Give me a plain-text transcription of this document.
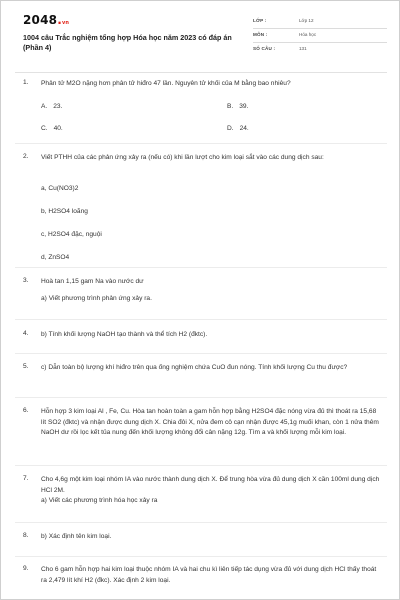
2048.vn
1004 câu Trắc nghiệm tổng hợp Hóa học năm 2023 có đáp án (Phần 4)
LỚP :	Lớp 12
MÔN :	Hóa học
SỐ CÂU :	131
1. Phân tử M2O nặng hơn phân tử hiđro 47 lần. Nguyên tử khối của M bằng bao nhiêu?
A. 23.	B. 39.
C. 40.	D. 24.
2. Viết PTHH của các phản ứng xảy ra (nếu có) khi lần lượt cho kim loại sắt vào các dung dịch sau:
a, Cu(NO3)2
b, H2SO4 loãng
c, H2SO4 đặc, nguội
d, ZnSO4
3. Hoà tan 1,15 gam Na vào nước dư
a) Viết phương trình phản ứng xảy ra.
4. b) Tính khối lượng NaOH tạo thành và thể tích H2 (đktc).
5. c) Dẫn toàn bộ lượng khí hiđro trên qua ống nghiệm chứa CuO đun nóng. Tính khối lượng Cu thu được?
6. Hỗn hợp 3 kim loại Al , Fe, Cu. Hòa tan hoàn toàn a gam hỗn hợp bằng H2SO4 đặc nóng vừa đủ thì thoát ra 15,68 lít SO2 (đktc) và nhận được dung dịch X. Chia đôi X, nửa đem cô cạn nhận được 45,1g muối khan, còn 1 nửa thêm NaOH dư rồi lọc kết tủa nung đến khối lượng không đổi cân nặng 12g. Tìm a và khối lượng mỗi kim loại.
7. Cho 4,6g một kim loại nhóm IA vào nước thành dung dịch X. Để trung hòa vừa đủ dung dịch X cần 100ml dung dịch HCl 2M.
a) Viết các phương trình hóa học xảy ra
8. b) Xác định tên kim loại.
9. Cho 6 gam hỗn hợp hai kim loại thuộc nhóm IA và hai chu kì liên tiếp tác dụng vừa đủ với dung dịch HCl thấy thoát ra 2,479 lít khí H2 (đkc). Xác định 2 kim loại.
